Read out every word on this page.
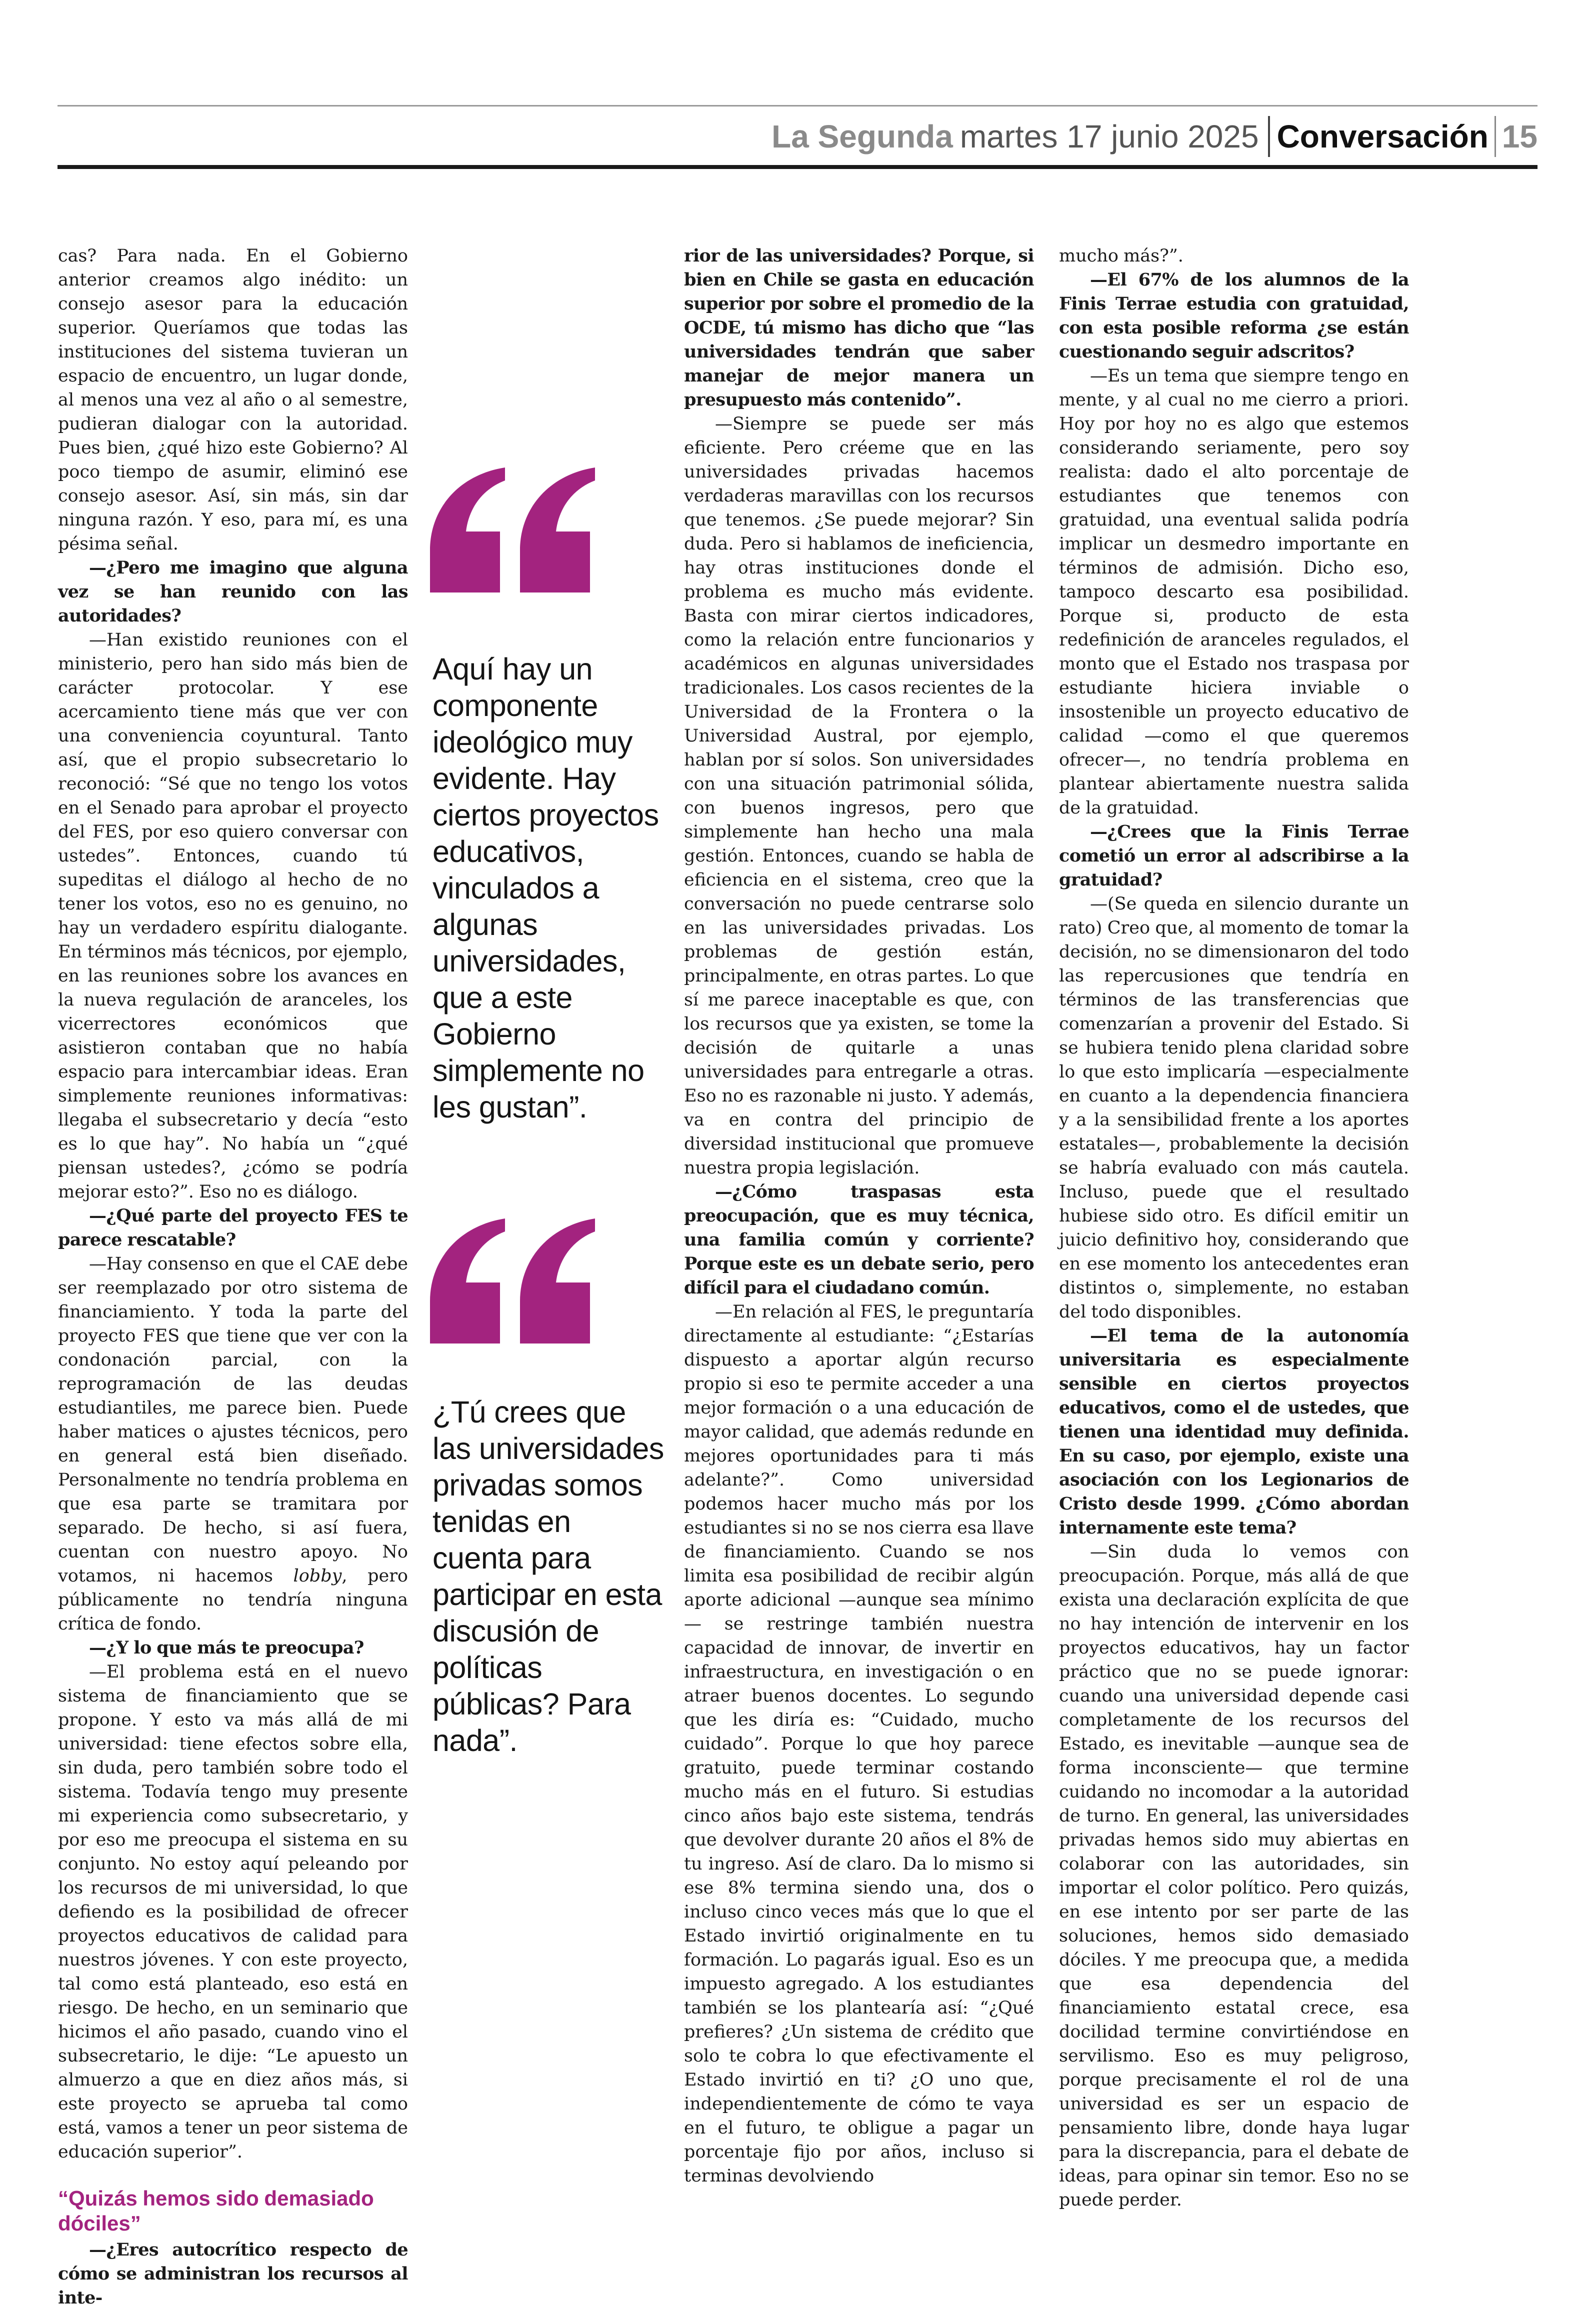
La Segunda martes 17 junio 2025 Conversación 15

cas? Para nada. En el Gobierno anterior creamos algo inédito: un consejo asesor para la educación superior. Queríamos que todas las instituciones del sistema tuvieran un espacio de encuentro, un lugar donde, al menos una vez al año o al semestre, pudieran dialogar con la autoridad. Pues bien, ¿qué hizo este Gobierno? Al poco tiempo de asumir, eliminó ese consejo asesor. Así, sin más, sin dar ninguna razón. Y eso, para mí, es una pésima señal.

—¿Pero me imagino que alguna vez se han reunido con las autoridades?

—Han existido reuniones con el ministerio, pero han sido más bien de carácter protocolar. Y ese acercamiento tiene más que ver con una conveniencia coyuntural. Tanto así, que el propio subsecretario lo reconoció: “Sé que no tengo los votos en el Senado para aprobar el proyecto del FES, por eso quiero conversar con ustedes”. Entonces, cuando tú supeditas el diálogo al hecho de no tener los votos, eso no es genuino, no hay un verdadero espíritu dialogante. En términos más técnicos, por ejemplo, en las reuniones sobre los avances en la nueva regulación de aranceles, los vicerrectores económicos que asistieron contaban que no había espacio para intercambiar ideas. Eran simplemente reuniones informativas: llegaba el subsecretario y decía “esto es lo que hay”. No había un “¿qué piensan ustedes?, ¿cómo se podría mejorar esto?”. Eso no es diálogo.

—¿Qué parte del proyecto FES te parece rescatable?

—Hay consenso en que el CAE debe ser reemplazado por otro sistema de financiamiento. Y toda la parte del proyecto FES que tiene que ver con la condonación parcial, con la reprogramación de las deudas estudiantiles, me parece bien. Puede haber matices o ajustes técnicos, pero en general está bien diseñado. Personalmente no tendría problema en que esa parte se tramitara por separado. De hecho, si así fuera, cuentan con nuestro apoyo. No votamos, ni hacemos lobby, pero públicamente no tendría ninguna crítica de fondo.

—¿Y lo que más te preocupa?

—El problema está en el nuevo sistema de financiamiento que se propone. Y esto va más allá de mi universidad: tiene efectos sobre ella, sin duda, pero también sobre todo el sistema. Todavía tengo muy presente mi experiencia como subsecretario, y por eso me preocupa el sistema en su conjunto. No estoy aquí peleando por los recursos de mi universidad, lo que defiendo es la posibilidad de ofrecer proyectos educativos de calidad para nuestros jóvenes. Y con este proyecto, tal como está planteado, eso está en riesgo. De hecho, en un seminario que hicimos el año pasado, cuando vino el subsecretario, le dije: “Le apuesto un almuerzo a que en diez años más, si este proyecto se aprueba tal como está, vamos a tener un peor sistema de educación superior”.

“Quizás hemos sido demasiado dóciles”

—¿Eres autocrítico respecto de cómo se administran los recursos al inte-

Aquí hay un componente ideológico muy evidente. Hay ciertos proyectos educativos, vinculados a algunas universidades, que a este Gobierno simplemente no les gustan”.
¿Tú crees que las universidades privadas somos tenidas en cuenta para participar en esta discusión de políticas públicas? Para nada”.

rior de las universidades? Porque, si bien en Chile se gasta en educación superior por sobre el promedio de la OCDE, tú mismo has dicho que “las universidades tendrán que saber manejar de mejor manera un presupuesto más contenido”.

—Siempre se puede ser más eficiente. Pero créeme que en las universidades privadas hacemos verdaderas maravillas con los recursos que tenemos. ¿Se puede mejorar? Sin duda. Pero si hablamos de ineficiencia, hay otras instituciones donde el problema es mucho más evidente. Basta con mirar ciertos indicadores, como la relación entre funcionarios y académicos en algunas universidades tradicionales. Los casos recientes de la Universidad de la Frontera o la Universidad Austral, por ejemplo, hablan por sí solos. Son universidades con una situación patrimonial sólida, con buenos ingresos, pero que simplemente han hecho una mala gestión. Entonces, cuando se habla de eficiencia en el sistema, creo que la conversación no puede centrarse solo en las universidades privadas. Los problemas de gestión están, principalmente, en otras partes. Lo que sí me parece inaceptable es que, con los recursos que ya existen, se tome la decisión de quitarle a unas universidades para entregarle a otras. Eso no es razonable ni justo. Y además, va en contra del principio de diversidad institucional que promueve nuestra propia legislación.

—¿Cómo traspasas esta preocupación, que es muy técnica, una familia común y corriente? Porque este es un debate serio, pero difícil para el ciudadano común.

—En relación al FES, le preguntaría directamente al estudiante: “¿Estarías dispuesto a aportar algún recurso propio si eso te permite acceder a una mejor formación o a una educación de mayor calidad, que además redunde en mejores oportunidades para ti más adelante?”. Como universidad podemos hacer mucho más por los estudiantes si no se nos cierra esa llave de financiamiento. Cuando se nos limita esa posibilidad de recibir algún aporte adicional —aunque sea mínimo— se restringe también nuestra capacidad de innovar, de invertir en infraestructura, en investigación o en atraer buenos docentes. Lo segundo que les diría es: “Cuidado, mucho cuidado”. Porque lo que hoy parece gratuito, puede terminar costando mucho más en el futuro. Si estudias cinco años bajo este sistema, tendrás que devolver durante 20 años el 8% de tu ingreso. Así de claro. Da lo mismo si ese 8% termina siendo una, dos o incluso cinco veces más que lo que el Estado invirtió originalmente en tu formación. Lo pagarás igual. Eso es un impuesto agregado. A los estudiantes también se los plantearía así: “¿Qué prefieres? ¿Un sistema de crédito que solo te cobra lo que efectivamente el Estado invirtió en ti? ¿O uno que, independientemente de cómo te vaya en el futuro, te obligue a pagar un porcentaje fijo por años, incluso si terminas devolviendo

mucho más?”.

—El 67% de los alumnos de la Finis Terrae estudia con gratuidad, con esta posible reforma ¿se están cuestionando seguir adscritos?

—Es un tema que siempre tengo en mente, y al cual no me cierro a priori. Hoy por hoy no es algo que estemos considerando seriamente, pero soy realista: dado el alto porcentaje de estudiantes que tenemos con gratuidad, una eventual salida podría implicar un desmedro importante en términos de admisión. Dicho eso, tampoco descarto esa posibilidad. Porque si, producto de esta redefinición de aranceles regulados, el monto que el Estado nos traspasa por estudiante hiciera inviable o insostenible un proyecto educativo de calidad —como el que queremos ofrecer—, no tendría problema en plantear abiertamente nuestra salida de la gratuidad.

—¿Crees que la Finis Terrae cometió un error al adscribirse a la gratuidad?

—(Se queda en silencio durante un rato) Creo que, al momento de tomar la decisión, no se dimensionaron del todo las repercusiones que tendría en términos de las transferencias que comenzarían a provenir del Estado. Si se hubiera tenido plena claridad sobre lo que esto implicaría —especialmente en cuanto a la dependencia financiera y a la sensibilidad frente a los aportes estatales—, probablemente la decisión se habría evaluado con más cautela. Incluso, puede que el resultado hubiese sido otro. Es difícil emitir un juicio definitivo hoy, considerando que en ese momento los antecedentes eran distintos o, simplemente, no estaban del todo disponibles.

—El tema de la autonomía universitaria es especialmente sensible en ciertos proyectos educativos, como el de ustedes, que tienen una identidad muy definida. En su caso, por ejemplo, existe una asociación con los Legionarios de Cristo desde 1999. ¿Cómo abordan internamente este tema?

—Sin duda lo vemos con preocupación. Porque, más allá de que exista una declaración explícita de que no hay intención de intervenir en los proyectos educativos, hay un factor práctico que no se puede ignorar: cuando una universidad depende casi completamente de los recursos del Estado, es inevitable —aunque sea de forma inconsciente— que termine cuidando no incomodar a la autoridad de turno. En general, las universidades privadas hemos sido muy abiertas en colaborar con las autoridades, sin importar el color político. Pero quizás, en ese intento por ser parte de las soluciones, hemos sido demasiado dóciles. Y me preocupa que, a medida que esa dependencia del financiamiento estatal crece, esa docilidad termine convirtiéndose en servilismo. Eso es muy peligroso, porque precisamente el rol de una universidad es ser un espacio de pensamiento libre, donde haya lugar para la discrepancia, para el debate de ideas, para opinar sin temor. Eso no se puede perder.
